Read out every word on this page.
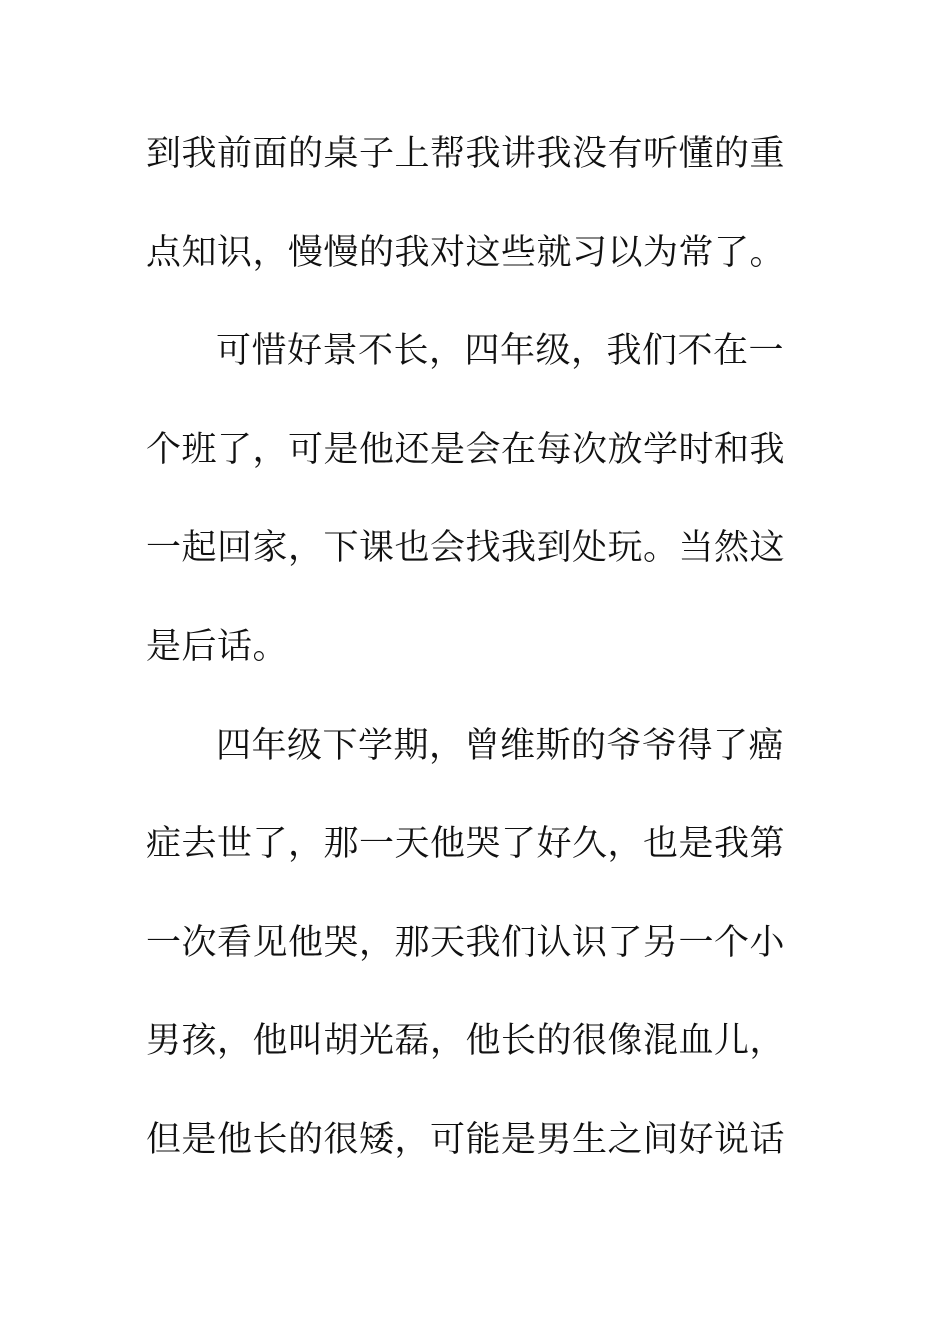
到我前面的桌子上帮我讲我没有听懂的重
点知识，慢慢的我对这些就习以为常了。
可惜好景不长，四年级，我们不在一
个班了，可是他还是会在每次放学时和我
一起回家，下课也会找我到处玩。当然这
是后话。
四年级下学期，曾维斯的爷爷得了癌
症去世了，那一天他哭了好久，也是我第
一次看见他哭，那天我们认识了另一个小
男孩，他叫胡光磊，他长的很像混血儿，
但是他长的很矮，可能是男生之间好说话
